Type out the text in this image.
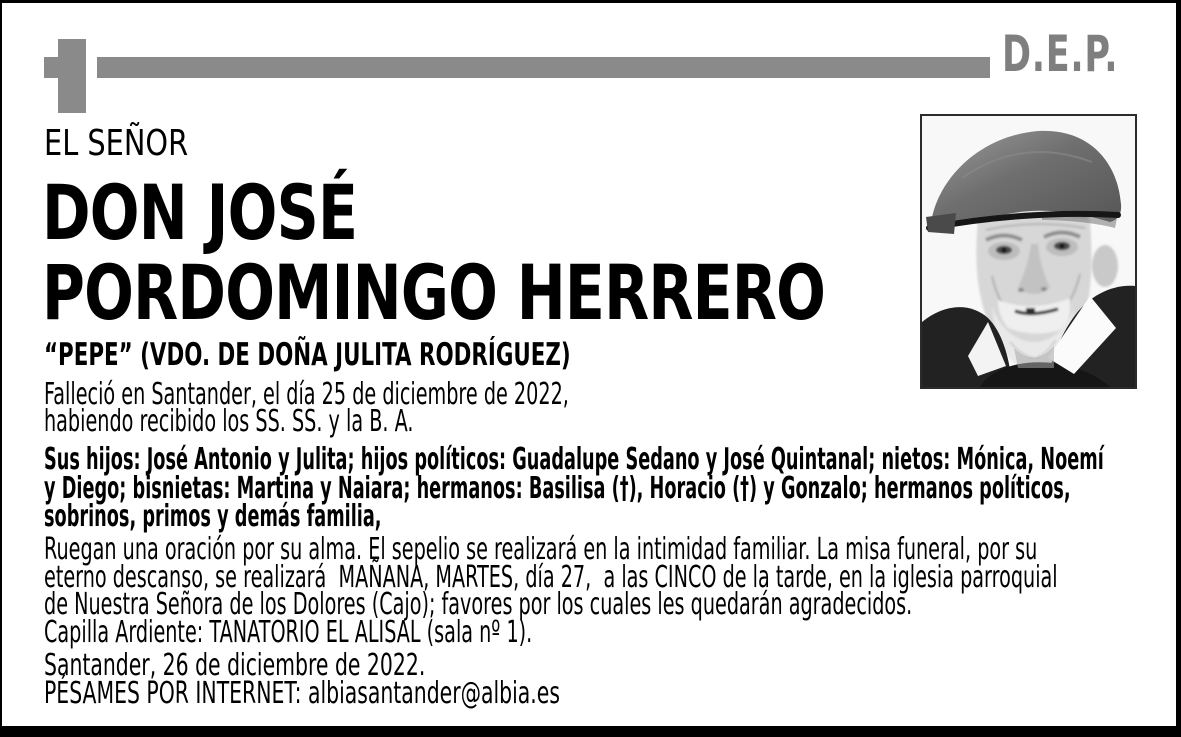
D.E.P.
EL SEÑOR
DON JOSÉ
PORDOMINGO HERRERO
“PEPE” (VDO. DE DOÑA JULITA RODRÍGUEZ)
Falleció en Santander, el día 25 de diciembre de 2022,
habiendo recibido los SS. SS. y la B. A.
Sus hijos: José Antonio y Julita; hijos políticos: Guadalupe Sedano y José Quintanal; nietos: Mónica, Noemí
y Diego; bisnietas: Martina y Naiara; hermanos: Basilisa (†), Horacio (†) y Gonzalo; hermanos políticos,
sobrinos, primos y demás familia,
Ruegan una oración por su alma. El sepelio se realizará en la intimidad familiar. La misa funeral, por su
eterno descanso, se realizará  MAÑANA, MARTES, día 27,  a las CINCO de la tarde, en la iglesia parroquial
de Nuestra Señora de los Dolores (Cajo); favores por los cuales les quedarán agradecidos.
Capilla Ardiente: TANATORIO EL ALISAL (sala nº 1).
Santander, 26 de diciembre de 2022.
PÉSAMES POR INTERNET: albiasantander@albia.es
